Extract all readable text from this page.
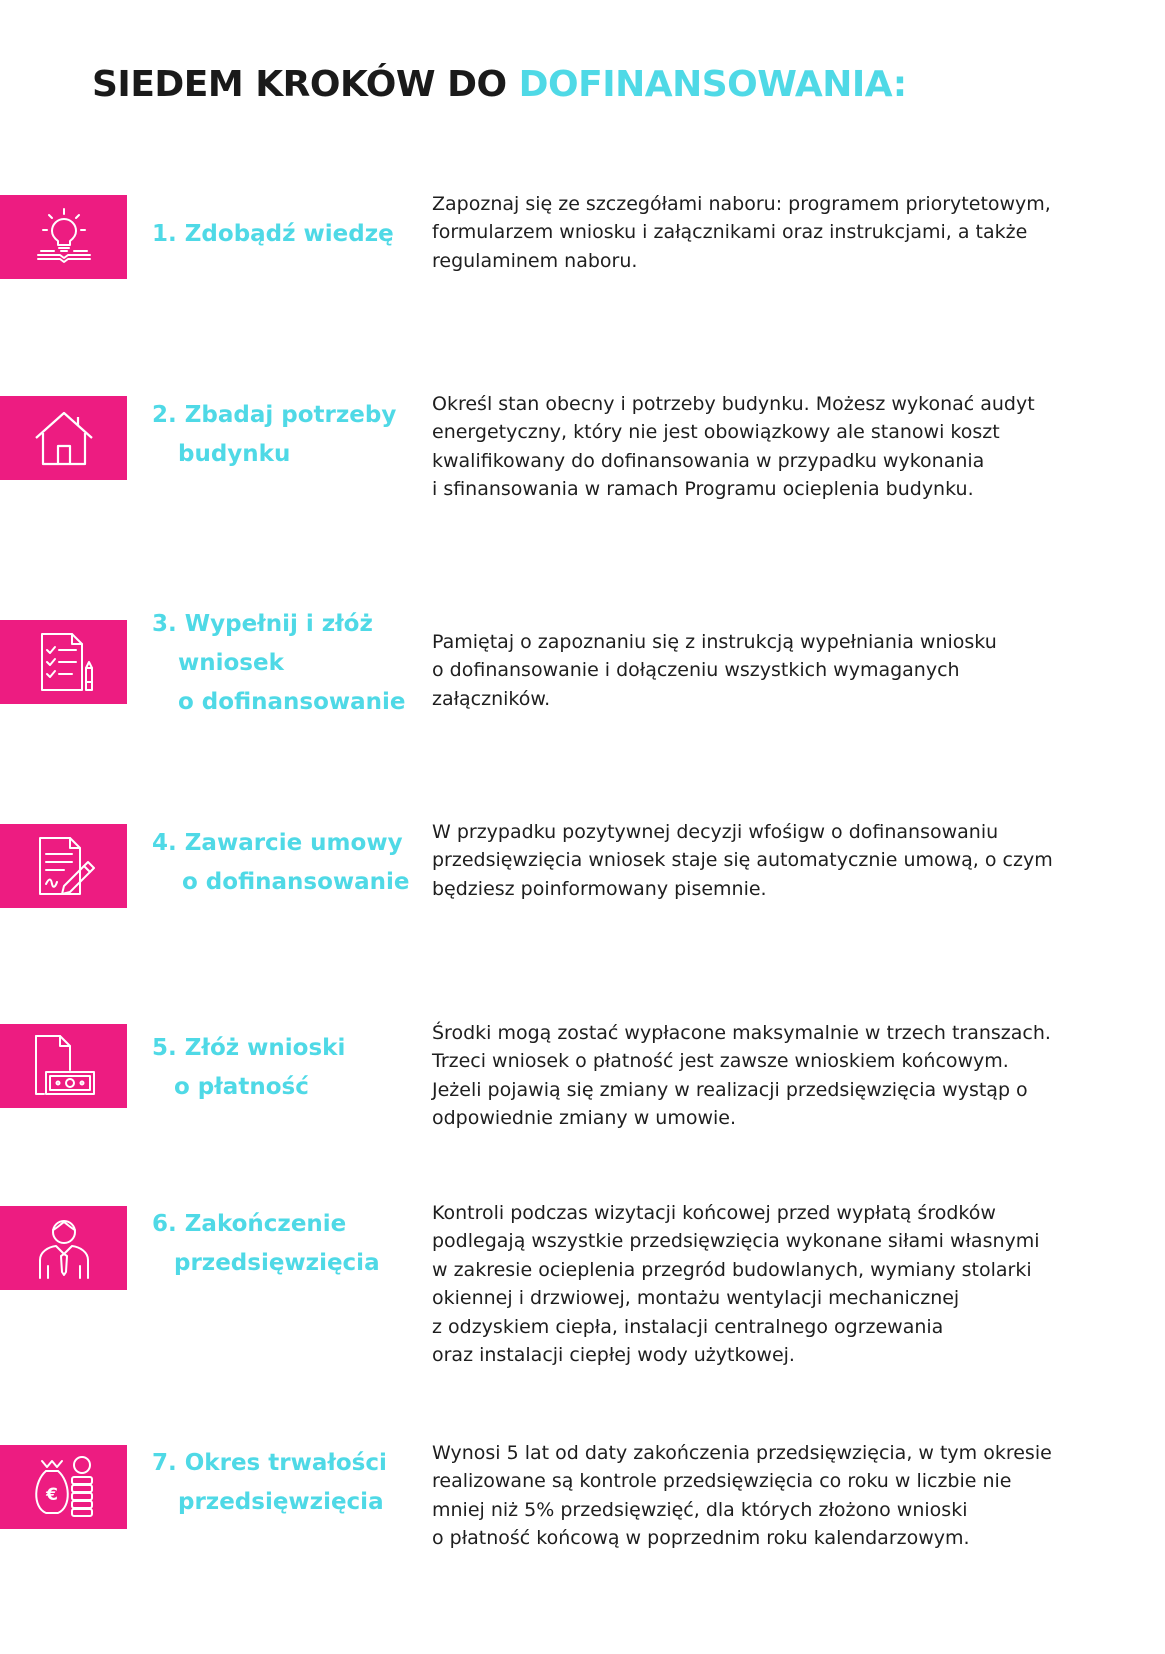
SIEDEM KROKÓW DO DOFINANSOWANIA:
1. Zdobądź wiedzę
Zapoznaj się ze szczegółami naboru: programem priorytetowym,
formularzem wniosku i załącznikami oraz instrukcjami, a także
regulaminem naboru.
2. Zbadaj potrzeby
budynku
Określ stan obecny i potrzeby budynku. Możesz wykonać audyt
energetyczny, który nie jest obowiązkowy ale stanowi koszt
kwalifikowany do dofinansowania w przypadku wykonania
i sfinansowania w ramach Programu ocieplenia budynku.
3. Wypełnij i złóż
wniosek
o dofinansowanie
Pamiętaj o zapoznaniu się z instrukcją wypełniania wniosku
o dofinansowanie i dołączeniu wszystkich wymaganych
załączników.
4. Zawarcie umowy
o dofinansowanie
W przypadku pozytywnej decyzji wfośigw o dofinansowaniu
przedsięwzięcia wniosek staje się automatycznie umową, o czym
będziesz poinformowany pisemnie.
5. Złóż wnioski
o płatność
Środki mogą zostać wypłacone maksymalnie w trzech transzach.
Trzeci wniosek o płatność jest zawsze wnioskiem końcowym.
Jeżeli pojawią się zmiany w realizacji przedsięwzięcia wystąp o
odpowiednie zmiany w umowie.
6. Zakończenie
przedsięwzięcia
Kontroli podczas wizytacji końcowej przed wypłatą środków
podlegają wszystkie przedsięwzięcia wykonane siłami własnymi
w zakresie ocieplenia przegród budowlanych, wymiany stolarki
okiennej i drzwiowej, montażu wentylacji mechanicznej
z odzyskiem ciepła, instalacji centralnego ogrzewania
oraz instalacji ciepłej wody użytkowej.
€
7. Okres trwałości
przedsięwzięcia
Wynosi 5 lat od daty zakończenia przedsięwzięcia, w tym okresie
realizowane są kontrole przedsięwzięcia co roku w liczbie nie
mniej niż 5% przedsięwzięć, dla których złożono wnioski
o płatność końcową w poprzednim roku kalendarzowym.
